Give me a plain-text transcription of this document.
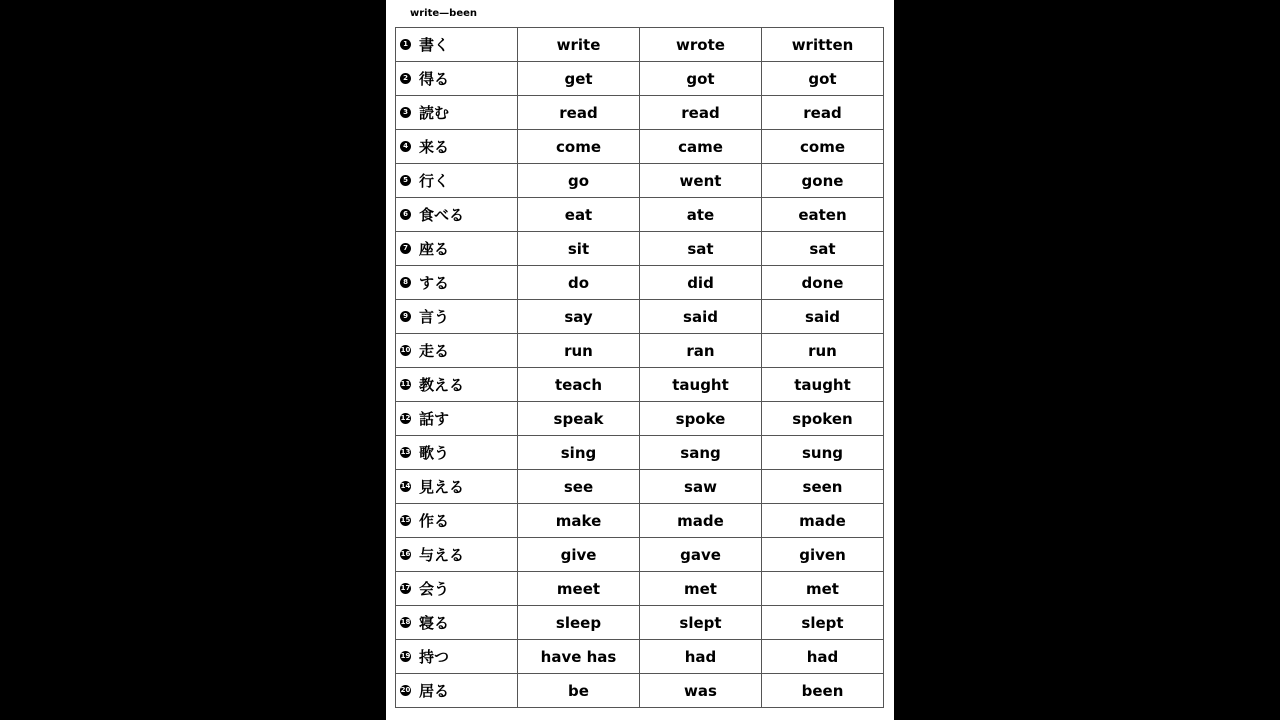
write—been
1 書く	write	wrote	written
2 得る	get	got	got
3 読む	read	read	read
4 来る	come	came	come
5 行く	go	went	gone
6 食べる	eat	ate	eaten
7 座る	sit	sat	sat
8 する	do	did	done
9 言う	say	said	said
10 走る	run	ran	run
11 教える	teach	taught	taught
12 話す	speak	spoke	spoken
13 歌う	sing	sang	sung
14 見える	see	saw	seen
15 作る	make	made	made
16 与える	give	gave	given
17 会う	meet	met	met
18 寝る	sleep	slept	slept
19 持つ	have has	had	had
20 居る	be	was	been
